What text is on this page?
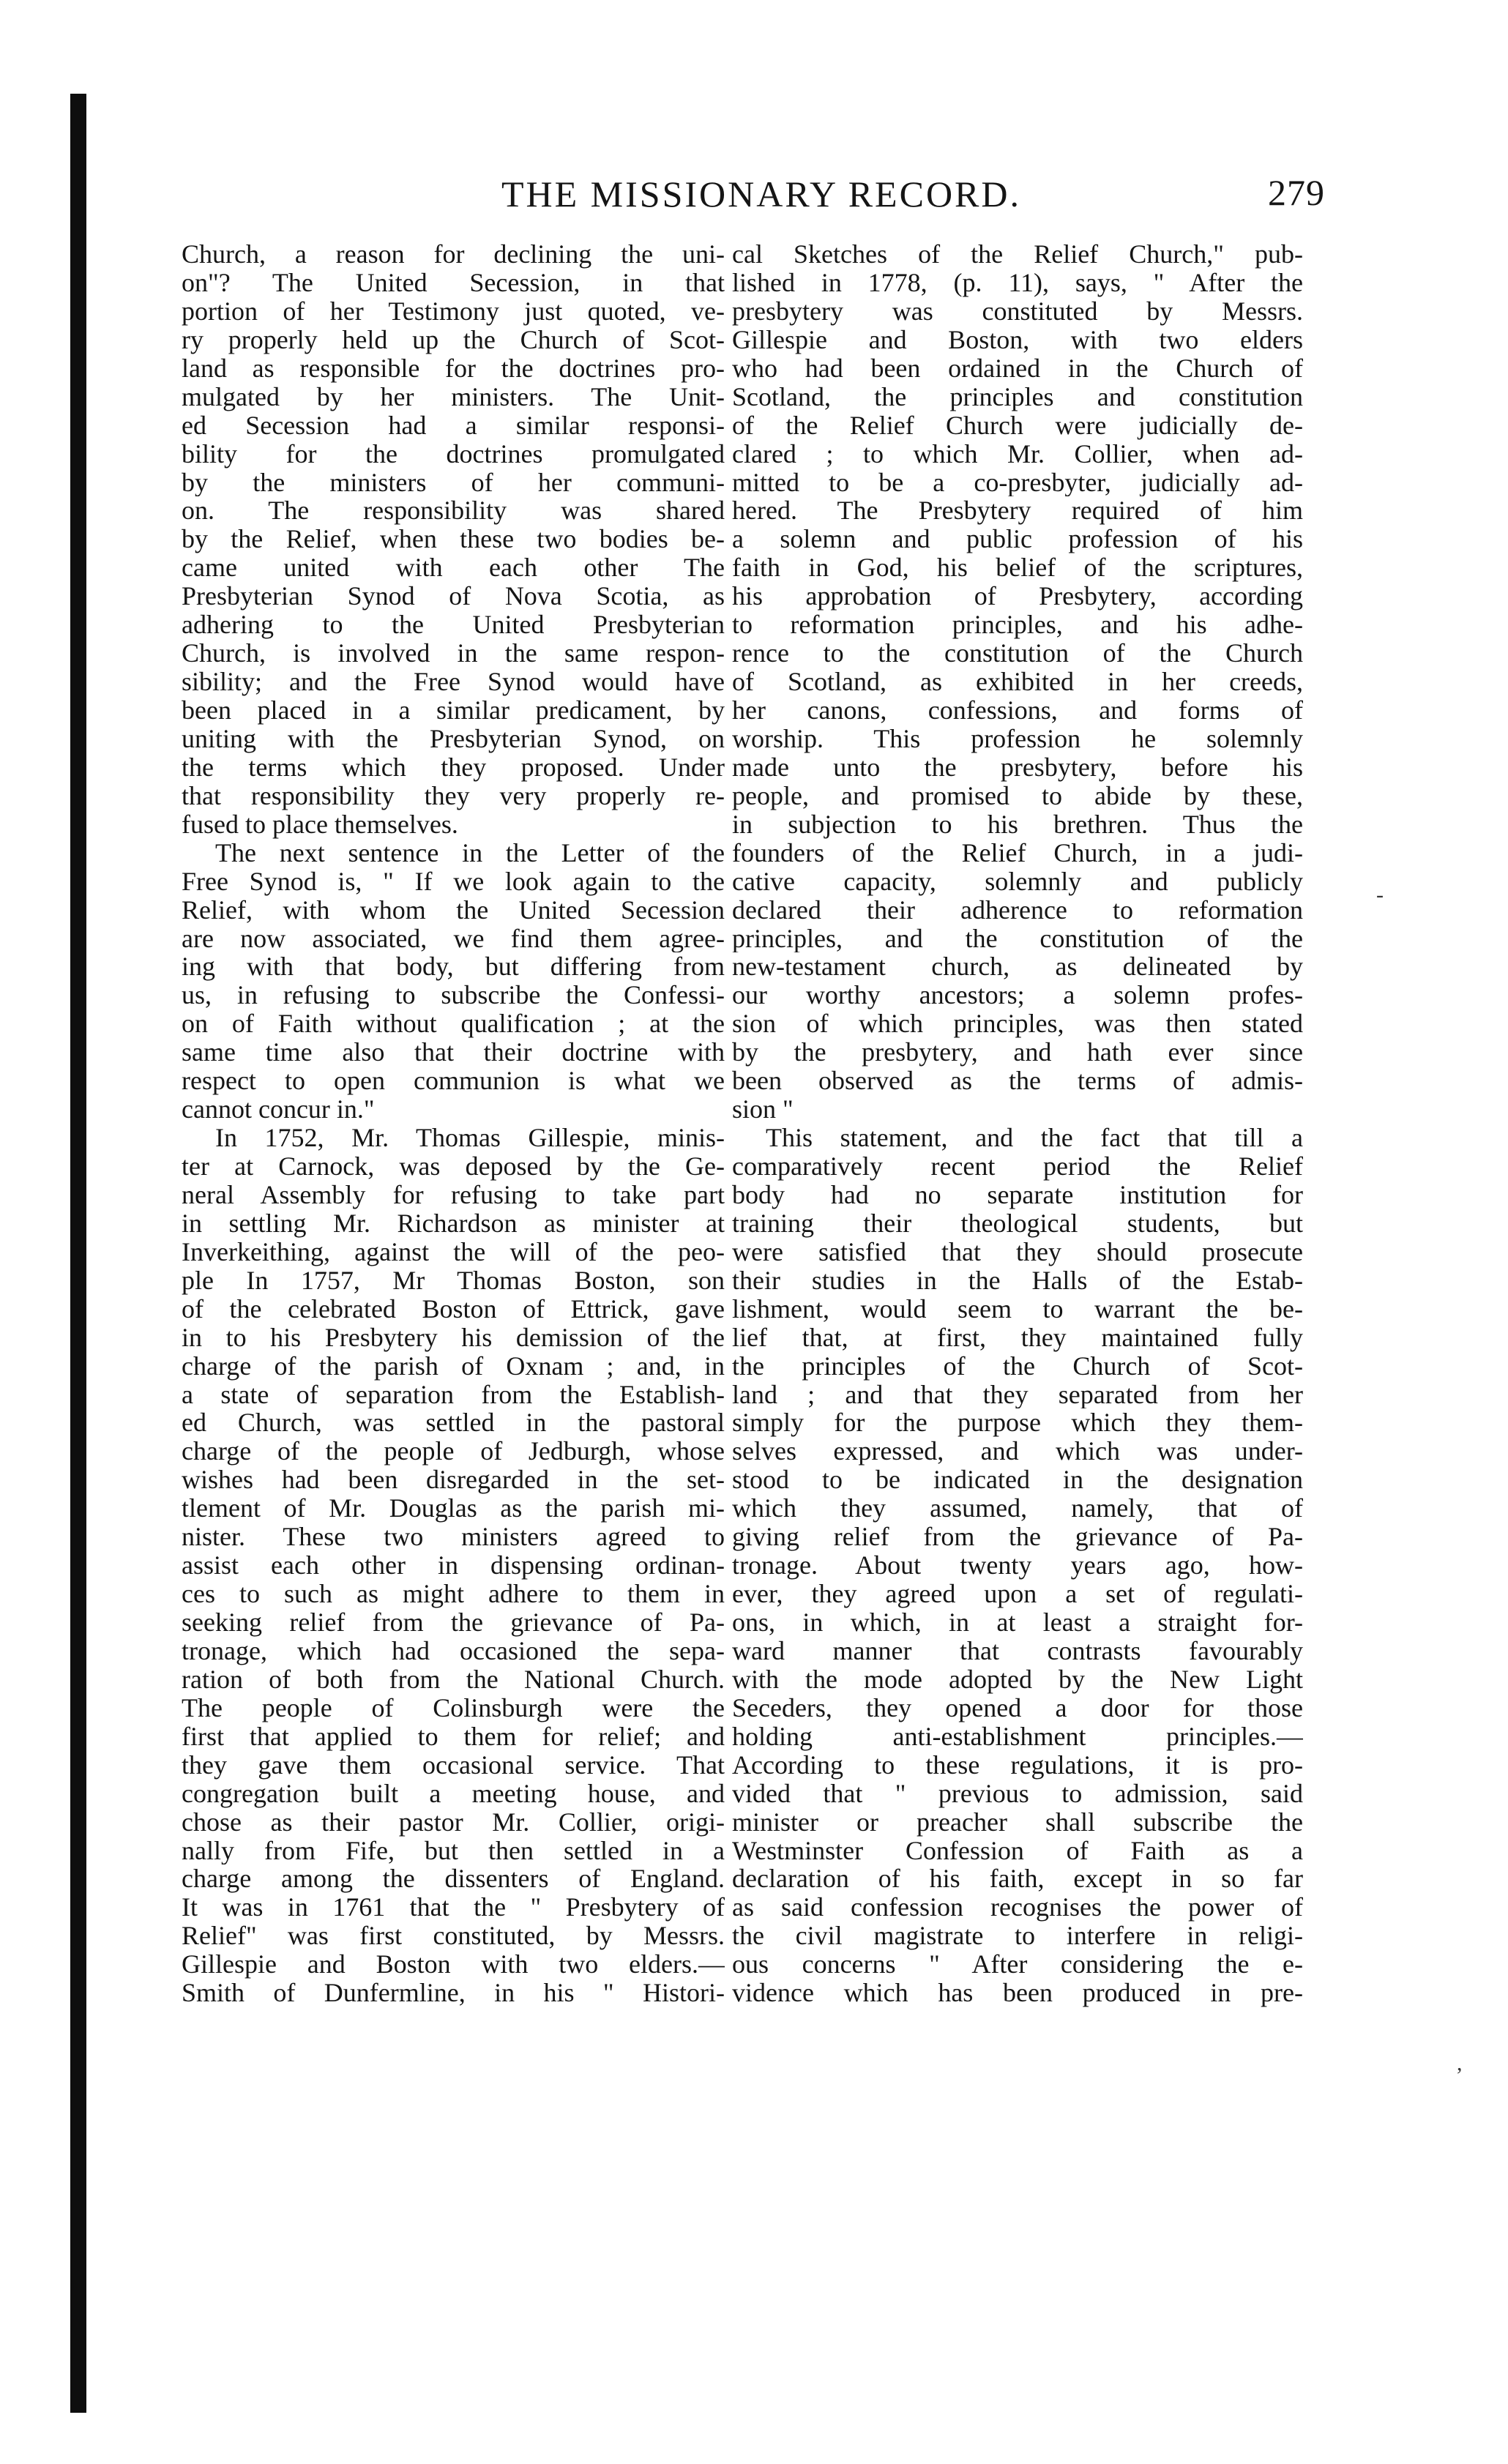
THE MISSIONARY RECORD.	279
Church, a reason for declining the uni-
on"? The United Secession, in that
portion of her Testimony just quoted, ve-
ry properly held up the Church of Scot-
land as responsible for the doctrines pro-
mulgated by her ministers. The Unit-
ed Secession had a similar responsi-
bility for the doctrines promulgated
by the ministers of her communi-
on. The responsibility was shared
by the Relief, when these two bodies be-
came united with each other The
Presbyterian Synod of Nova Scotia, as
adhering to the United Presbyterian
Church, is involved in the same respon-
sibility; and the Free Synod would have
been placed in a similar predicament, by
uniting with the Presbyterian Synod, on
the terms which they proposed. Under
that responsibility they very properly re-
fused to place themselves.
The next sentence in the Letter of the
Free Synod is, " If we look again to the
Relief, with whom the United Secession
are now associated, we find them agree-
ing with that body, but differing from
us, in refusing to subscribe the Confessi-
on of Faith without qualification ; at the
same time also that their doctrine with
respect to open communion is what we
cannot concur in."
In 1752, Mr. Thomas Gillespie, minis-
ter at Carnock, was deposed by the Ge-
neral Assembly for refusing to take part
in settling Mr. Richardson as minister at
Inverkeithing, against the will of the peo-
ple In 1757, Mr Thomas Boston, son
of the celebrated Boston of Ettrick, gave
in to his Presbytery his demission of the
charge of the parish of Oxnam ; and, in
a state of separation from the Establish-
ed Church, was settled in the pastoral
charge of the people of Jedburgh, whose
wishes had been disregarded in the set-
tlement of Mr. Douglas as the parish mi-
nister. These two ministers agreed to
assist each other in dispensing ordinan-
ces to such as might adhere to them in
seeking relief from the grievance of Pa-
tronage, which had occasioned the sepa-
ration of both from the National Church.
The people of Colinsburgh were the
first that applied to them for relief; and
they gave them occasional service. That
congregation built a meeting house, and
chose as their pastor Mr. Collier, origi-
nally from Fife, but then settled in a
charge among the dissenters of England.
It was in 1761 that the " Presbytery of
Relief" was first constituted, by Messrs.
Gillespie and Boston with two elders.—
Smith of Dunfermline, in his " Histori-
cal Sketches of the Relief Church," pub-
lished in 1778, (p. 11), says, " After the
presbytery was constituted by Messrs.
Gillespie and Boston, with two elders
who had been ordained in the Church of
Scotland, the principles and constitution
of the Relief Church were judicially de-
clared ; to which Mr. Collier, when ad-
mitted to be a co-presbyter, judicially ad-
hered. The Presbytery required of him
a solemn and public profession of his
faith in God, his belief of the scriptures,
his approbation of Presbytery, according
to reformation principles, and his adhe-
rence to the constitution of the Church
of Scotland, as exhibited in her creeds,
her canons, confessions, and forms of
worship. This profession he solemnly
made unto the presbytery, before his
people, and promised to abide by these,
in subjection to his brethren. Thus the
founders of the Relief Church, in a judi-
cative capacity, solemnly and publicly
declared their adherence to reformation
principles, and the constitution of the
new-testament church, as delineated by
our worthy ancestors; a solemn profes-
sion of which principles, was then stated
by the presbytery, and hath ever since
been observed as the terms of admis-
sion "
This statement, and the fact that till a
comparatively recent period the Relief
body had no separate institution for
training their theological students, but
were satisfied that they should prosecute
their studies in the Halls of the Estab-
lishment, would seem to warrant the be-
lief that, at first, they maintained fully
the principles of the Church of Scot-
land ; and that they separated from her
simply for the purpose which they them-
selves expressed, and which was under-
stood to be indicated in the designation
which they assumed, namely, that of
giving relief from the grievance of Pa-
tronage. About twenty years ago, how-
ever, they agreed upon a set of regulati-
ons, in which, in at least a straight for-
ward manner that contrasts favourably
with the mode adopted by the New Light
Seceders, they opened a door for those
holding anti-establishment principles.—
According to these regulations, it is pro-
vided that " previous to admission, said
minister or preacher shall subscribe the
Westminster Confession of Faith as a
declaration of his faith, except in so far
as said confession recognises the power of
the civil magistrate to interfere in religi-
ous concerns " After considering the e-
vidence which has been produced in pre-
-
,
